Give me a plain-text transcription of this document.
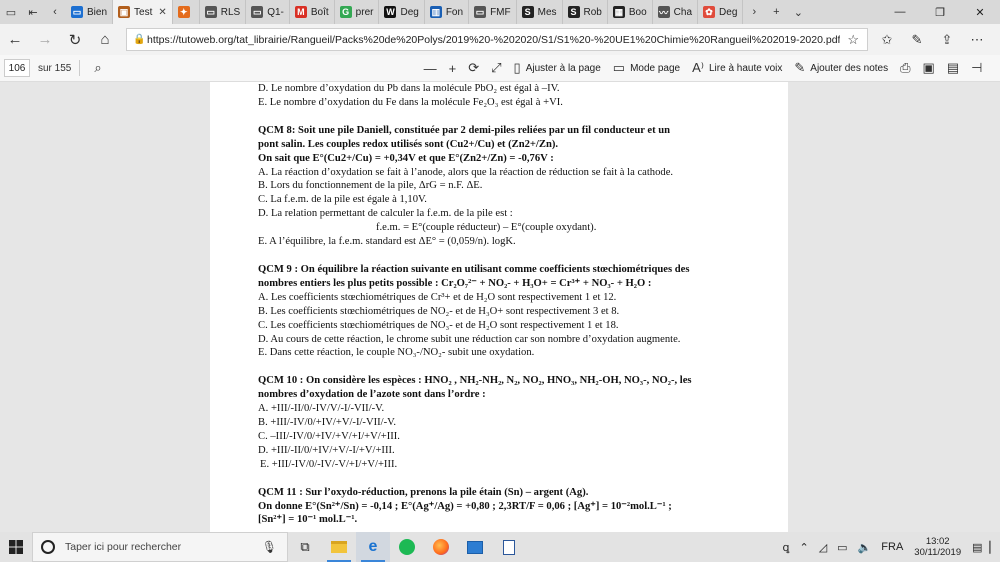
▭	⇤	‹	▭ Bien ▣ Test ✕ ✦ ▭ RLS ▭ Q1- M Boît G prer W Deg ▥ Fon ▭ FMF	S Mes	S Rob ▦ Boo 〰 Cha ✿ Deg	›	+	⌄	—	❐	✕
←	→	↻	⌂	🔒 https://tutoweb.org/tat_librairie/Rangueil/Packs%20de%20Polys/2019%20-%202020/S1/S1%20-%20UE1%20Chimie%20Rangueil%202019-2020.pdf ☆	✩	✎	⇪	⋯
106	sur 155 ⌕	— + ⟳ ⤢ ▯ Ajuster à la page ▭ Mode page A⁾ Lire à haute voix ✎ Ajouter des notes ⎙ ▣ ▤ ⊣

D. Le nombre d’oxydation du Pb dans la molécule PbO₂ est égal à –IV.

E. Le nombre d’oxydation du Fe dans la molécule Fe₂O₃ est égal à +VI.

QCM 8: Soit une pile Daniell, constituée par 2 demi-piles reliées par un fil conducteur et un

pont salin. Les couples redox utilisés sont (Cu2+/Cu) et (Zn2+/Zn).

On sait que E°(Cu2+/Cu) = +0,34V et que E°(Zn2+/Zn) = -0,76V :

A. La réaction d’oxydation se fait à l’anode, alors que la réaction de réduction se fait à la cathode.

B. Lors du fonctionnement de la pile, ΔrG = n.F. ΔE.

C. La f.e.m. de la pile est égale à 1,10V.

D. La relation permettant de calculer la f.e.m. de la pile est :

f.e.m. = E°(couple réducteur) – E°(couple oxydant).

E. A l’équilibre, la f.e.m. standard est ΔE° = (0,059/n). logK.

QCM 9 : On équilibre la réaction suivante en utilisant comme coefficients stœchiométriques des

nombres entiers les plus petits possible : Cr₂O₇²⁻ + NO₂- + H₃O+ = Cr³⁺ + NO₃- + H₂O :

A. Les coefficients stœchiométriques de Cr³+ et de H₂O sont respectivement 1 et 12.

B. Les coefficients stœchiométriques de NO₂- et de H₃O+ sont respectivement 3 et 8.

C. Les coefficients stœchiométriques de NO₃- et de H₂O sont respectivement 1 et 18.

D. Au cours de cette réaction, le chrome subit une réduction car son nombre d’oxydation augmente.

E. Dans cette réaction, le couple NO₃-/NO₂- subit une oxydation.

QCM 10 : On considère les espèces : HNO₂ , NH₂-NH₂, N₂, NO₂, HNO₃, NH₂-OH, NO₃-, NO₂-, les

nombres d’oxydation de l’azote sont dans l’ordre :

A. +III/-II/0/-IV/V/-I/-VII/-V.

B. +III/-IV/0/+IV/+V/-I/-VII/-V.

C. –III/-IV/0/+IV/+V/+I/+V/+III.

D. +III/-II/0/+IV/+V/-I/+V/+III.

E. +III/-IV/0/-IV/-V/+I/+V/+III.

QCM 11 : Sur l’oxydo-réduction, prenons la pile étain (Sn) – argent (Ag).

On donne E°(Sn²⁺/Sn) = -0,14 ; E°(Ag⁺/Ag) = +0,80 ; 2,3RT/F = 0,06 ; [Ag⁺] = 10⁻²mol.L⁻¹ ;

[Sn²⁺] = 10⁻¹ mol.L⁻¹.

Taper ici pour rechercher	🎙 ⧉	e	ꝗ ⌃ ◿ ▭ 🔈 FRA	13:02
30/11/2019	▤ ▏
